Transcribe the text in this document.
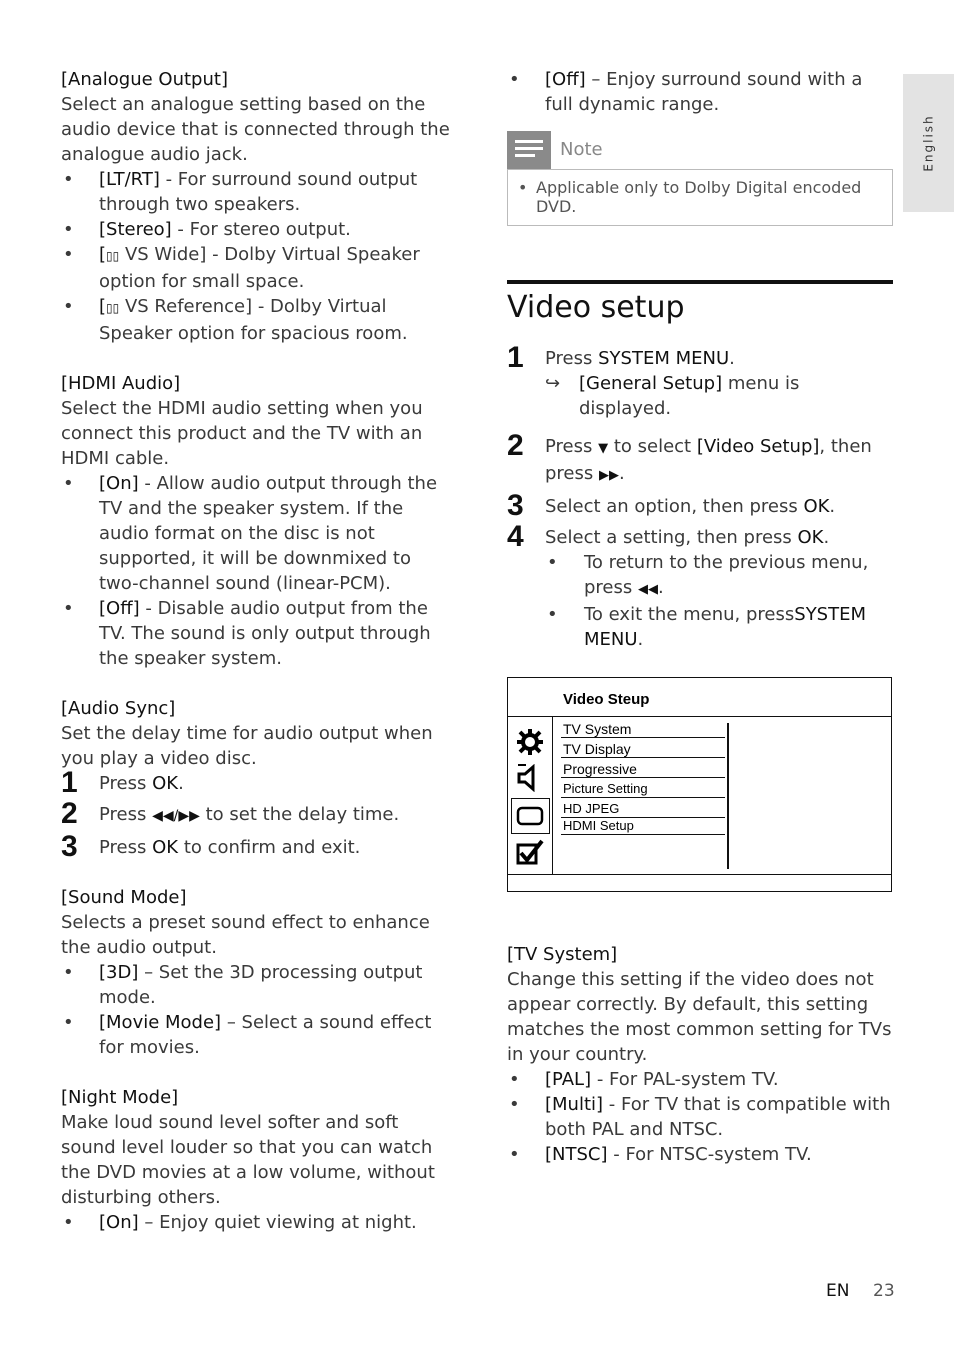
English

[Analogue Output]

Select an analogue setting based on the audio device that is connected through the analogue audio jack.

• [LT/RT] - For surround sound output through two speakers.
• [Stereo] - For stereo output.
• [▯▯ VS Wide] - Dolby Virtual Speaker option for small space.
• [▯▯ VS Reference] - Dolby Virtual Speaker option for spacious room.

[HDMI Audio]

Select the HDMI audio setting when you connect this product and the TV with an HDMI cable.

• [On] - Allow audio output through the TV and the speaker system. If the audio format on the disc is not supported, it will be downmixed to two-channel sound (linear-PCM).
• [Off] - Disable audio output from the TV. The sound is only output through the speaker system.

[Audio Sync]

Set the delay time for audio output when you play a video disc.

1 Press OK.
2 Press ◀◀/▶▶ to set the delay time.
3 Press OK to confirm and exit.

[Sound Mode]

Selects a preset sound effect to enhance the audio output.

• [3D] – Set the 3D processing output mode.
• [Movie Mode] – Select a sound effect for movies.

[Night Mode]

Make loud sound level softer and soft sound level louder so that you can watch the DVD movies at a low volume, without disturbing others.

• [On] – Enjoy quiet viewing at night.
• [Off] – Enjoy surround sound with a full dynamic range.
Note
• Applicable only to Dolby Digital encoded DVD.
Video setup
1 Press SYSTEM MENU.
↪ [General Setup] menu is displayed.
2 Press ▼ to select [Video Setup], then press ▶▶.
3 Select an option, then press OK.
4 Select a setting, then press OK.
• To return to the previous menu, press ◀◀.
• To exit the menu, pressSYSTEM MENU.
Video Steup
TV System
TV Display
Progressive
Picture Setting
HD JPEG
HDMI Setup

[TV System]

Change this setting if the video does not appear correctly. By default, this setting matches the most common setting for TVs in your country.

• [PAL] - For PAL-system TV.
• [Multi] - For TV that is compatible with both PAL and NTSC.
• [NTSC] - For NTSC-system TV.
EN 23
